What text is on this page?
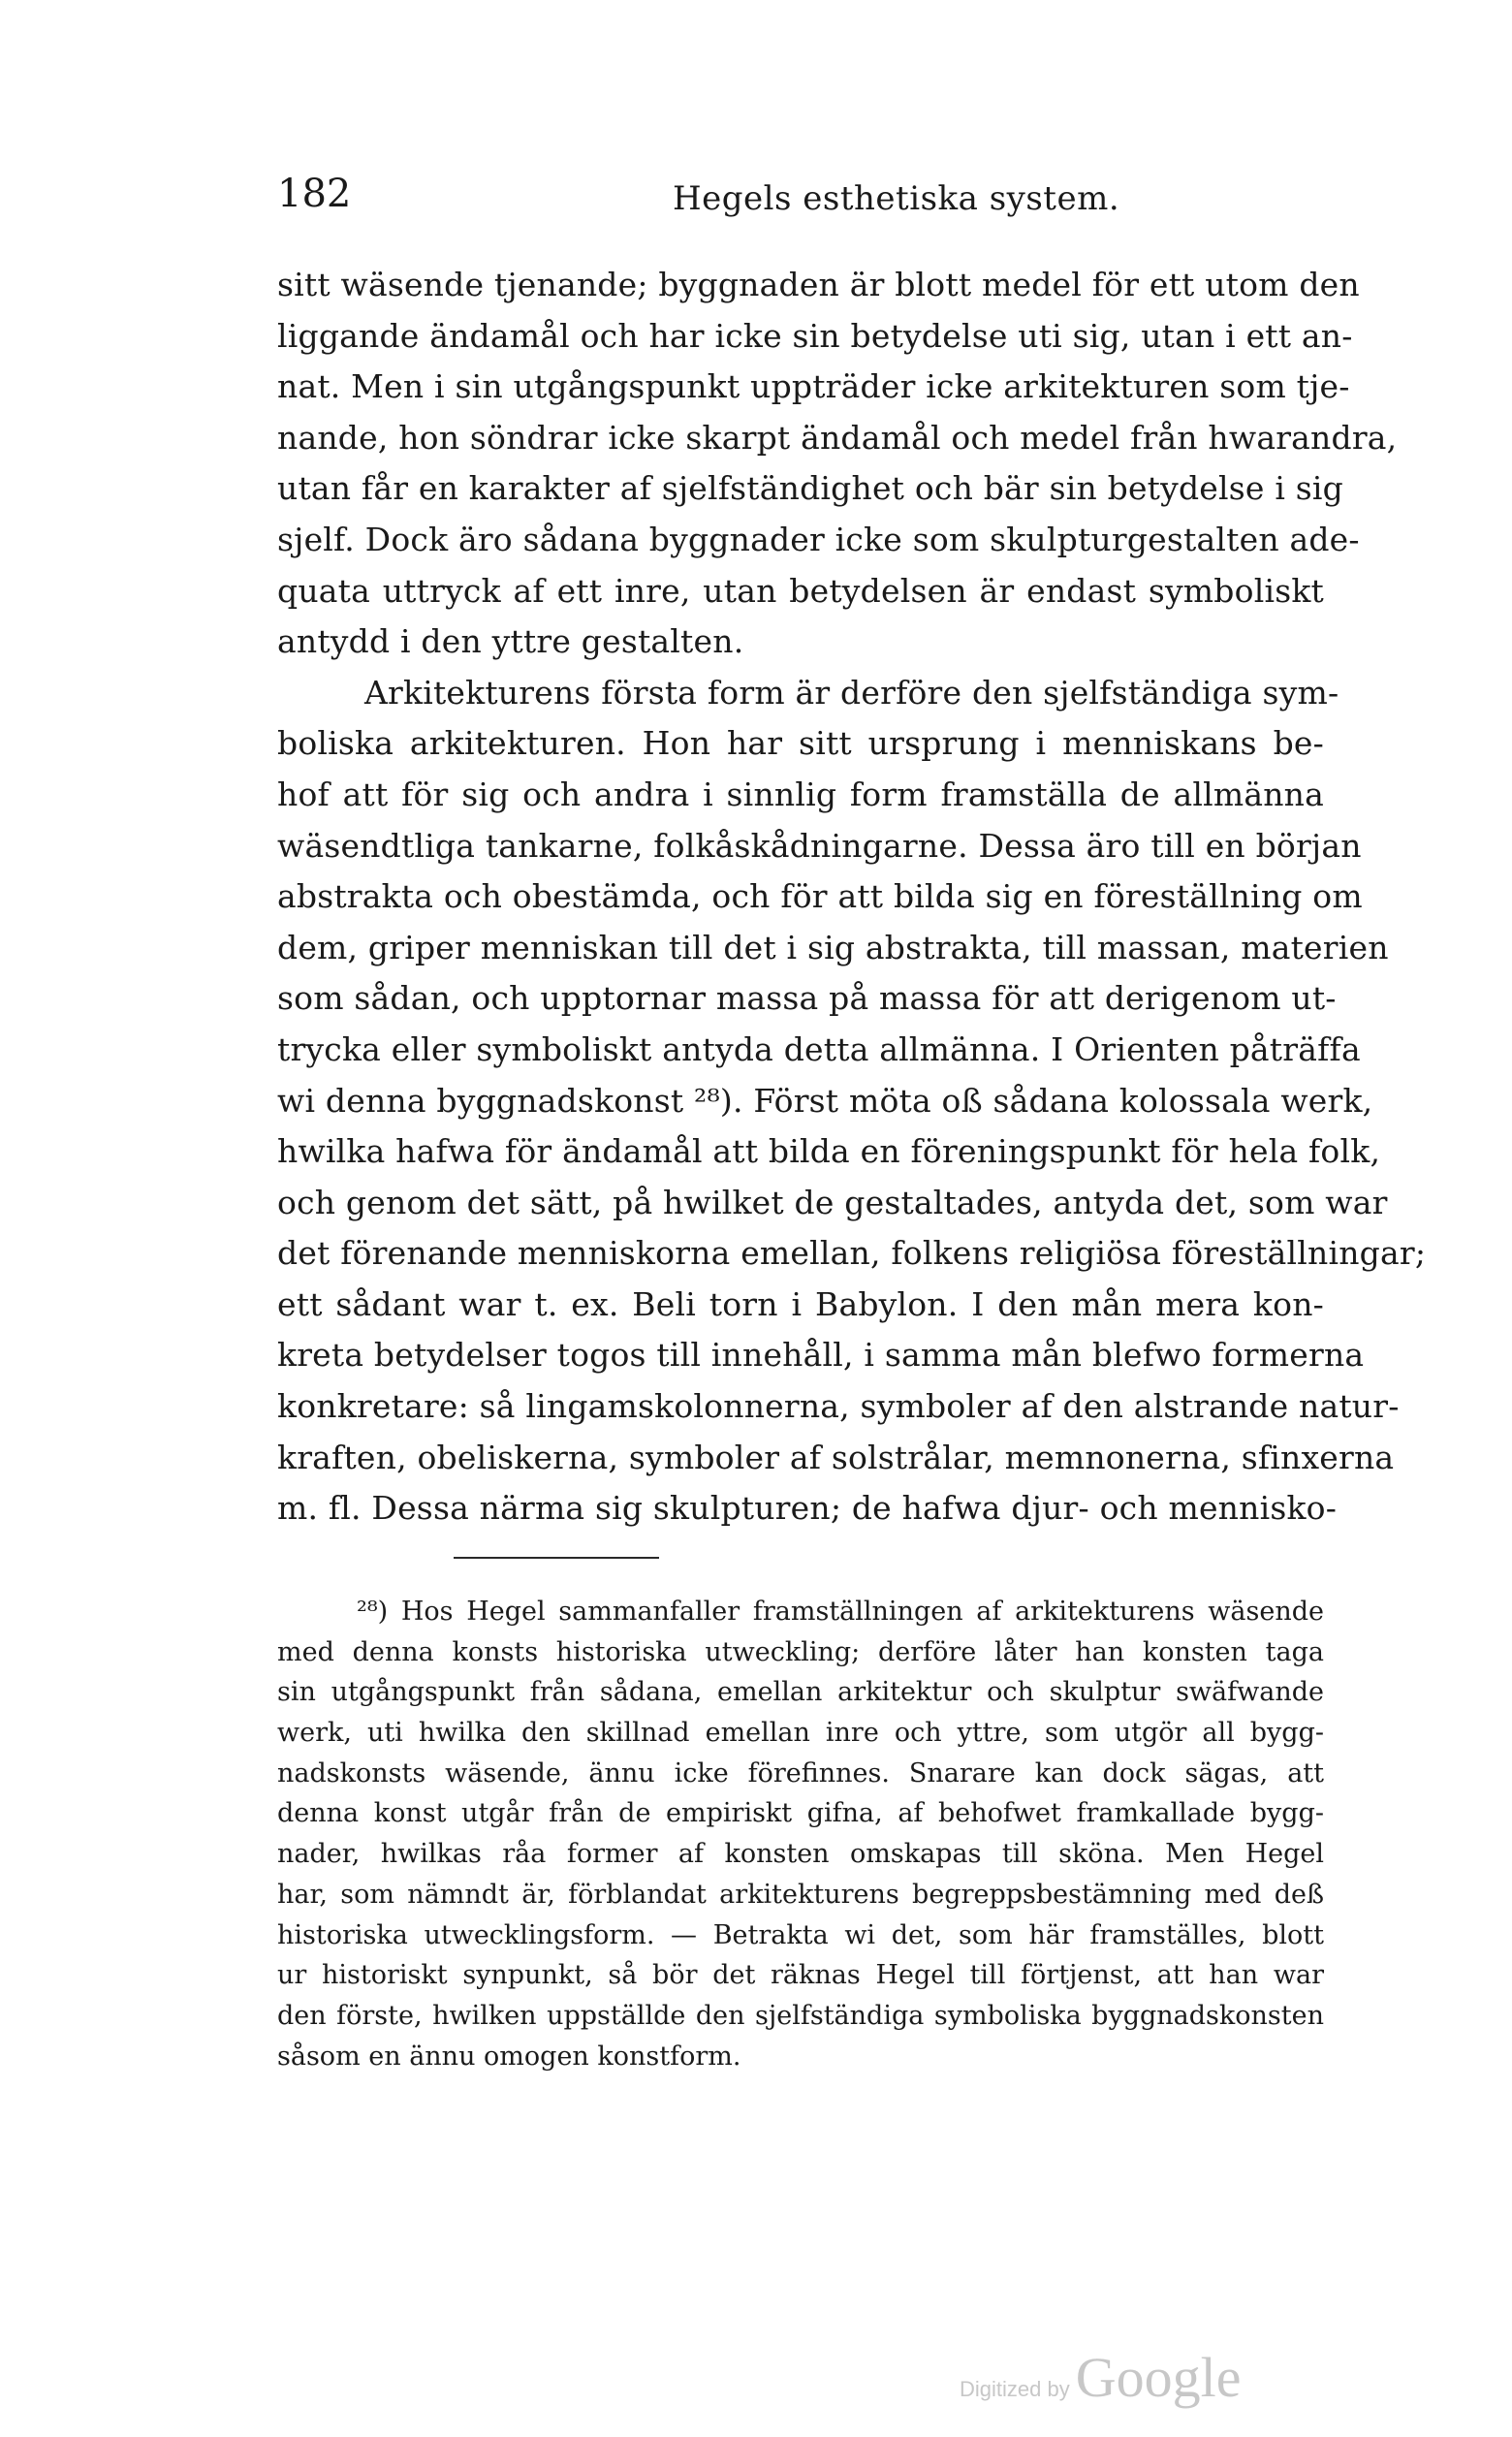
182	Hegels esthetiska system.
sitt wäsende tjenande; byggnaden är blott medel för ett utom den
liggande ändamål och har icke sin betydelse uti sig, utan i ett an-
nat. Men i sin utgångspunkt uppträder icke arkitekturen som tje-
nande, hon söndrar icke skarpt ändamål och medel från hwarandra,
utan får en karakter af sjelfständighet och bär sin betydelse i sig
sjelf. Dock äro sådana byggnader icke som skulpturgestalten ade-
quata uttryck af ett inre, utan betydelsen är endast symboliskt
antydd i den yttre gestalten.
Arkitekturens första form är derföre den sjelfständiga sym-
boliska arkitekturen. Hon har sitt ursprung i menniskans be-
hof att för sig och andra i sinnlig form framställa de allmänna
wäsendtliga tankarne, folkåskådningarne. Dessa äro till en början
abstrakta och obestämda, och för att bilda sig en föreställning om
dem, griper menniskan till det i sig abstrakta, till massan, materien
som sådan, och upptornar massa på massa för att derigenom ut-
trycka eller symboliskt antyda detta allmänna. I Orienten påträffa
wi denna byggnadskonst ²⁸). Först möta oß sådana kolossala werk,
hwilka hafwa för ändamål att bilda en föreningspunkt för hela folk,
och genom det sätt, på hwilket de gestaltades, antyda det, som war
det förenande menniskorna emellan, folkens religiösa föreställningar;
ett sådant war t. ex. Beli torn i Babylon. I den mån mera kon-
kreta betydelser togos till innehåll, i samma mån blefwo formerna
konkretare: så lingamskolonnerna, symboler af den alstrande natur-
kraften, obeliskerna, symboler af solstrålar, memnonerna, sfinxerna
m. fl. Dessa närma sig skulpturen; de hafwa djur- och mennisko-
²⁸) Hos Hegel sammanfaller framställningen af arkitekturens wäsende
med denna konsts historiska utweckling; derföre låter han konsten taga
sin utgångspunkt från sådana, emellan arkitektur och skulptur swäfwande
werk, uti hwilka den skillnad emellan inre och yttre, som utgör all bygg-
nadskonsts wäsende, ännu icke förefinnes. Snarare kan dock sägas, att
denna konst utgår från de empiriskt gifna, af behofwet framkallade bygg-
nader, hwilkas råa former af konsten omskapas till sköna. Men Hegel
har, som nämndt är, förblandat arkitekturens begreppsbestämning med deß
historiska utwecklingsform. — Betrakta wi det, som här framställes, blott
ur historiskt synpunkt, så bör det räknas Hegel till förtjenst, att han war
den förste, hwilken uppställde den sjelfständiga symboliska byggnadskonsten
såsom en ännu omogen konstform.
Digitized by Google
